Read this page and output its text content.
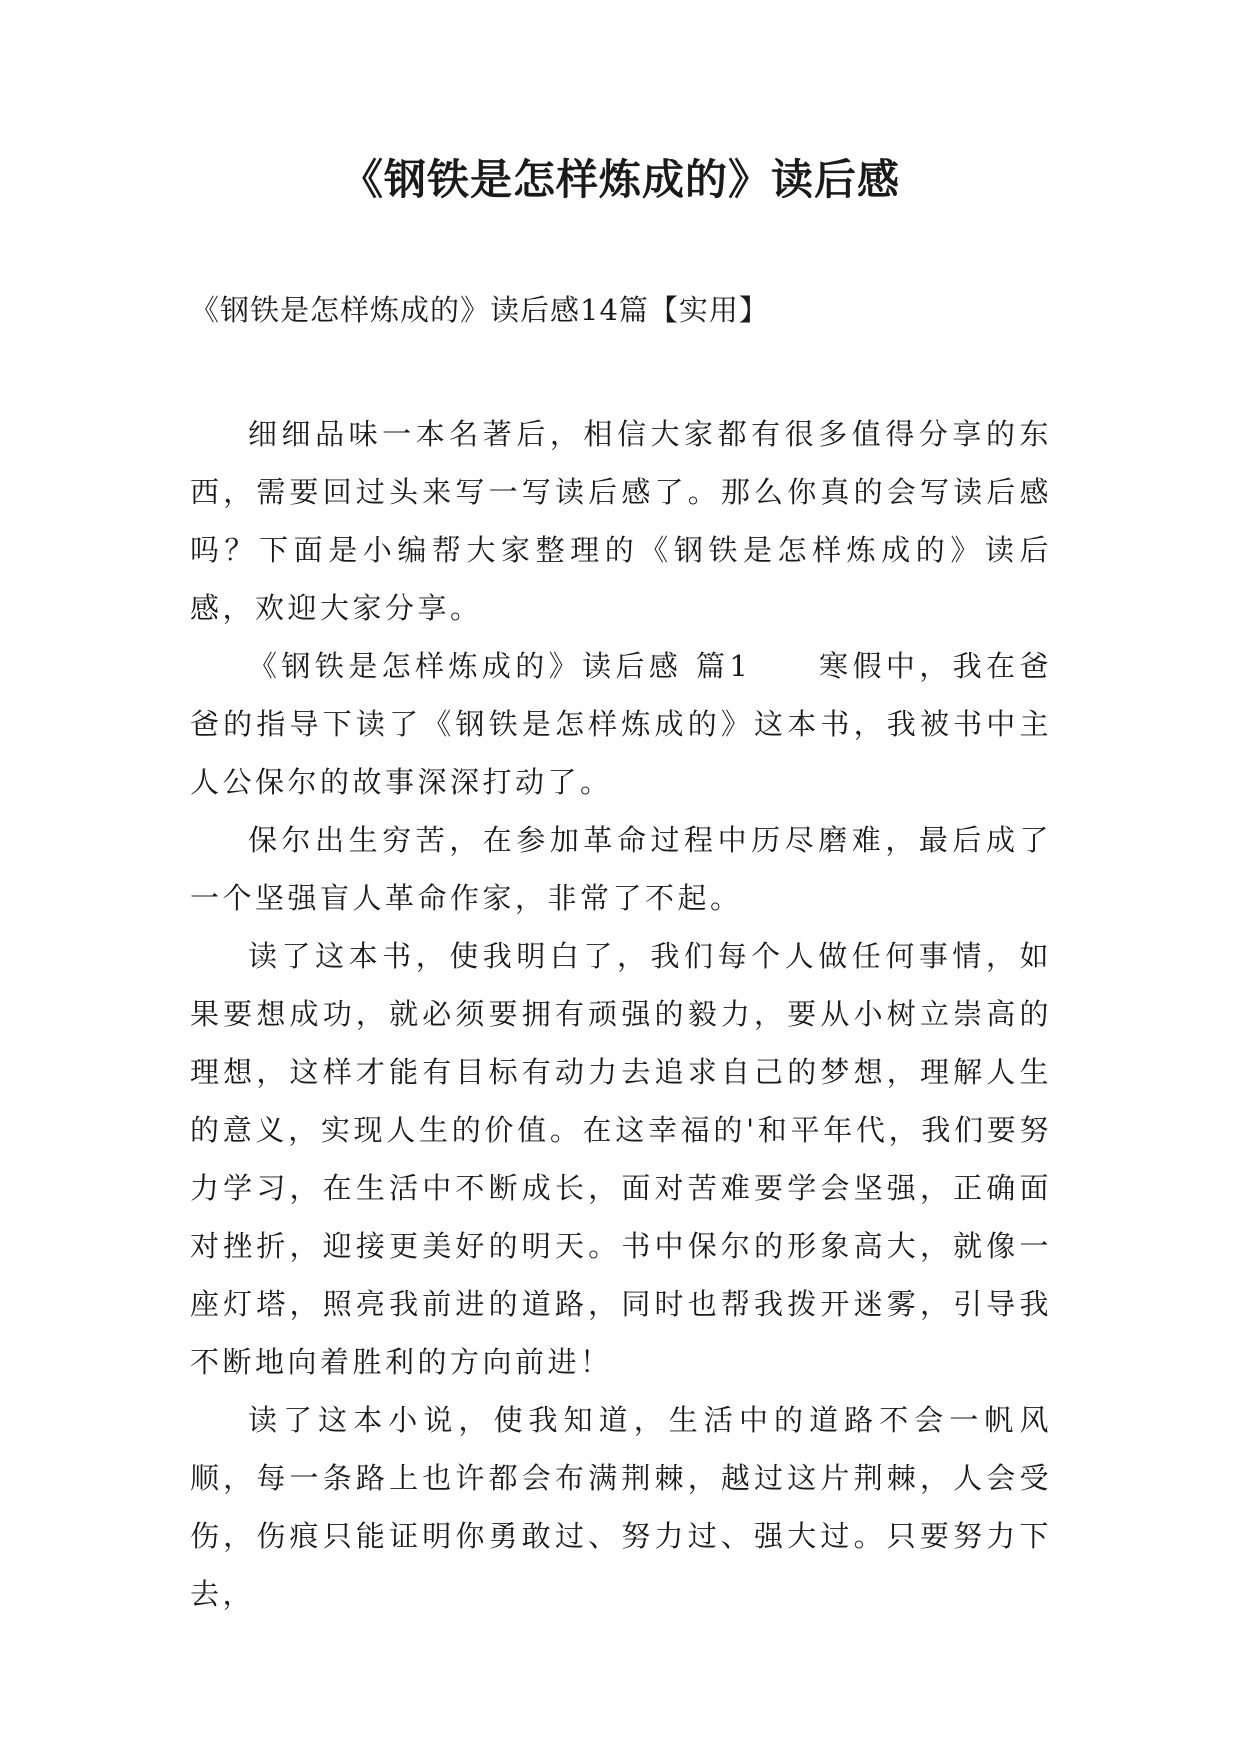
《钢铁是怎样炼成的》读后感

《钢铁是怎样炼成的》读后感14篇【实用】

细细品味一本名著后，相信大家都有很多值得分享的东西，需要回过头来写一写读后感了。那么你真的会写读后感吗？下面是小编帮大家整理的《钢铁是怎样炼成的》读后感，欢迎大家分享。

《钢铁是怎样炼成的》读后感 篇1　　寒假中，我在爸爸的指导下读了《钢铁是怎样炼成的》这本书，我被书中主人公保尔的故事深深打动了。

保尔出生穷苦，在参加革命过程中历尽磨难，最后成了一个坚强盲人革命作家，非常了不起。

读了这本书，使我明白了，我们每个人做任何事情，如果要想成功，就必须要拥有顽强的毅力，要从小树立崇高的理想，这样才能有目标有动力去追求自己的梦想，理解人生的意义，实现人生的价值。在这幸福的'和平年代，我们要努力学习，在生活中不断成长，面对苦难要学会坚强，正确面对挫折，迎接更美好的明天。书中保尔的形象高大，就像一座灯塔，照亮我前进的道路，同时也帮我拨开迷雾，引导我不断地向着胜利的方向前进！

读了这本小说，使我知道，生活中的道路不会一帆风顺，每一条路上也许都会布满荆棘，越过这片荆棘，人会受伤，伤痕只能证明你勇敢过、努力过、强大过。只要努力下去，
